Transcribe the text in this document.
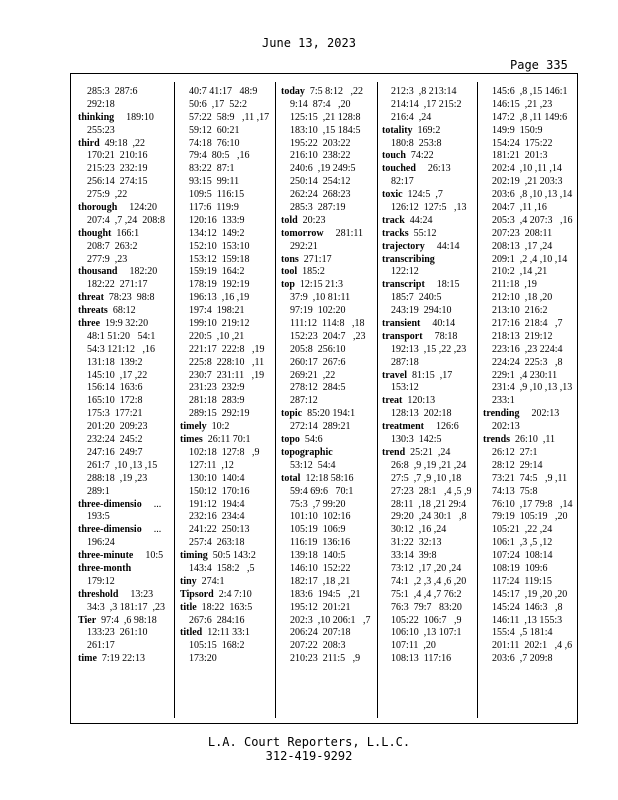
June 13, 2023
Page 335
285:3  287:6
292:18
thinking 189:10
255:23
third 49:18  ,22
170:21  210:16
215:23  232:19
256:14  274:15
275:9  ,22
thorough 124:20
207:4  ,7 ,24  208:8
thought 166:1
208:7  263:2
277:9  ,23
thousand 182:20
182:22  271:17
threat 78:23  98:8
threats 68:12
three 19:9 32:20
48:1 51:20   54:1
54:3 121:12   ,16
131:18  139:2
145:10  ,17 ,22
156:14  163:6
165:10  172:8
175:3  177:21
201:20  209:23
232:24  245:2
247:16  249:7
261:7  ,10 ,13 ,15
288:18  ,19 ,23
289:1
three-dimensio ...
193:5
three-dimensio ...
196:24
three-minute 10:5
three-month
179:12
threshold 13:23
34:3  ,3 181:17  ,23
Tier 97:4  ,6 98:18
133:23  261:10
261:17
time 7:19 22:13
40:7 41:17   48:9
50:6  ,17  52:2
57:22  58:9   ,11 ,17
59:12  60:21
74:18  76:10
79:4  80:5   ,16
83:22  87:1
93:15  99:11
109:5  116:15
117:6  119:9
120:16  133:9
134:12  149:2
152:10  153:10
153:12  159:18
159:19  164:2
178:19  192:19
196:13  ,16 ,19
197:4  198:21
199:10  219:12
220:5  ,10 ,21
221:17  222:8   ,19
225:8  228:10   ,11
230:7  231:11   ,19
231:23  232:9
281:18  283:9
289:15  292:19
timely 10:2
times 26:11 70:1
102:18  127:8   ,9
127:11  ,12
130:10  140:4
150:12  170:16
191:12  194:4
232:16  234:4
241:22  250:13
257:4  263:18
timing 50:5 143:2
143:4  158:2   ,5
tiny 274:1
Tipsord 2:4 7:10
title 18:22  163:5
267:6  284:16
titled 12:11 33:1
105:15  168:2
173:20
today 7:5 8:12   ,22
9:14  87:4   ,20
125:15  ,21 128:8
183:10  ,15 184:5
195:22  203:22
216:10  238:22
240:6  ,19 249:5
250:14  254:12
262:24  268:23
285:3  287:19
told 20:23
tomorrow 281:11
292:21
tons 271:17
tool 185:2
top 12:15 21:3
37:9  ,10 81:11
97:19  102:20
111:12  114:8   ,18
152:23  204:7   ,23
205:8  256:10
260:17  267:6
269:21  ,22
278:12  284:5
287:12
topic 85:20 194:1
272:14  289:21
topo 54:6
topographic
53:12  54:4
total 12:18 58:16
59:4 69:6   70:1
75:3  ,7 99:20
101:10  102:16
105:19  106:9
116:19  136:16
139:18  140:5
146:10  152:22
182:17  ,18 ,21
183:6  194:5   ,21
195:12  201:21
202:3  ,10 206:1   ,7
206:24  207:18
207:22  208:3
210:23  211:5   ,9
212:3  ,8 213:14
214:14  ,17 215:2
216:4  ,24
totality 169:2
180:8  253:8
touch 74:22
touched 26:13
82:17
toxic 124:5  ,7
126:12  127:5   ,13
track 44:24
tracks 55:12
trajectory 44:14
transcribing
122:12
transcript 18:15
185:7  240:5
243:19  294:10
transient 40:14
transport 78:18
192:13  ,15 ,22 ,23
287:18
travel 81:15  ,17
153:12
treat 120:13
128:13  202:18
treatment 126:6
130:3  142:5
trend 25:21  ,24
26:8  ,9 ,19 ,21 ,24
27:5  ,7 ,9 ,10 ,18
27:23  28:1   ,4 ,5 ,9
28:11  ,18 ,21 29:4
29:20  ,24 30:1   ,8
30:12  ,16 ,24
31:22  32:13
33:14  39:8
73:12  ,17 ,20 ,24
74:1  ,2 ,3 ,4 ,6 ,20
75:1  ,4 ,4 ,7 76:2
76:3  79:7   83:20
105:22  106:7   ,9
106:10  ,13 107:1
107:11  ,20
108:13  117:16
145:6  ,8 ,15 146:1
146:15  ,21 ,23
147:2  ,8 ,11 149:6
149:9  150:9
154:24  175:22
181:21  201:3
202:4  ,10 ,11 ,14
202:19  ,21 203:3
203:6  ,8 ,10 ,13 ,14
204:7  ,11 ,16
205:3  ,4 207:3   ,16
207:23  208:11
208:13  ,17 ,24
209:1  ,2 ,4 ,10 ,14
210:2  ,14 ,21
211:18  ,19
212:10  ,18 ,20
213:10  216:2
217:16  218:4   ,7
218:13  219:12
223:16  ,23 224:4
224:24  225:3   ,8
229:1  ,4 230:11
231:4  ,9 ,10 ,13 ,13
233:1
trending 202:13
202:13
trends 26:10  ,11
26:12  27:1
28:12  29:14
73:21  74:5   ,9 ,11
74:13  75:8
76:10  ,17 79:8   ,14
79:19  105:19   ,20
105:21  ,22 ,24
106:1  ,3 ,5 ,12
107:24  108:14
108:19  109:6
117:24  119:15
145:17  ,19 ,20 ,20
145:24  146:3   ,8
146:11  ,13 155:3
155:4  ,5 181:4
201:11  202:1   ,4 ,6
203:6  ,7 209:8
L.A. Court Reporters, L.L.C.
312-419-9292
